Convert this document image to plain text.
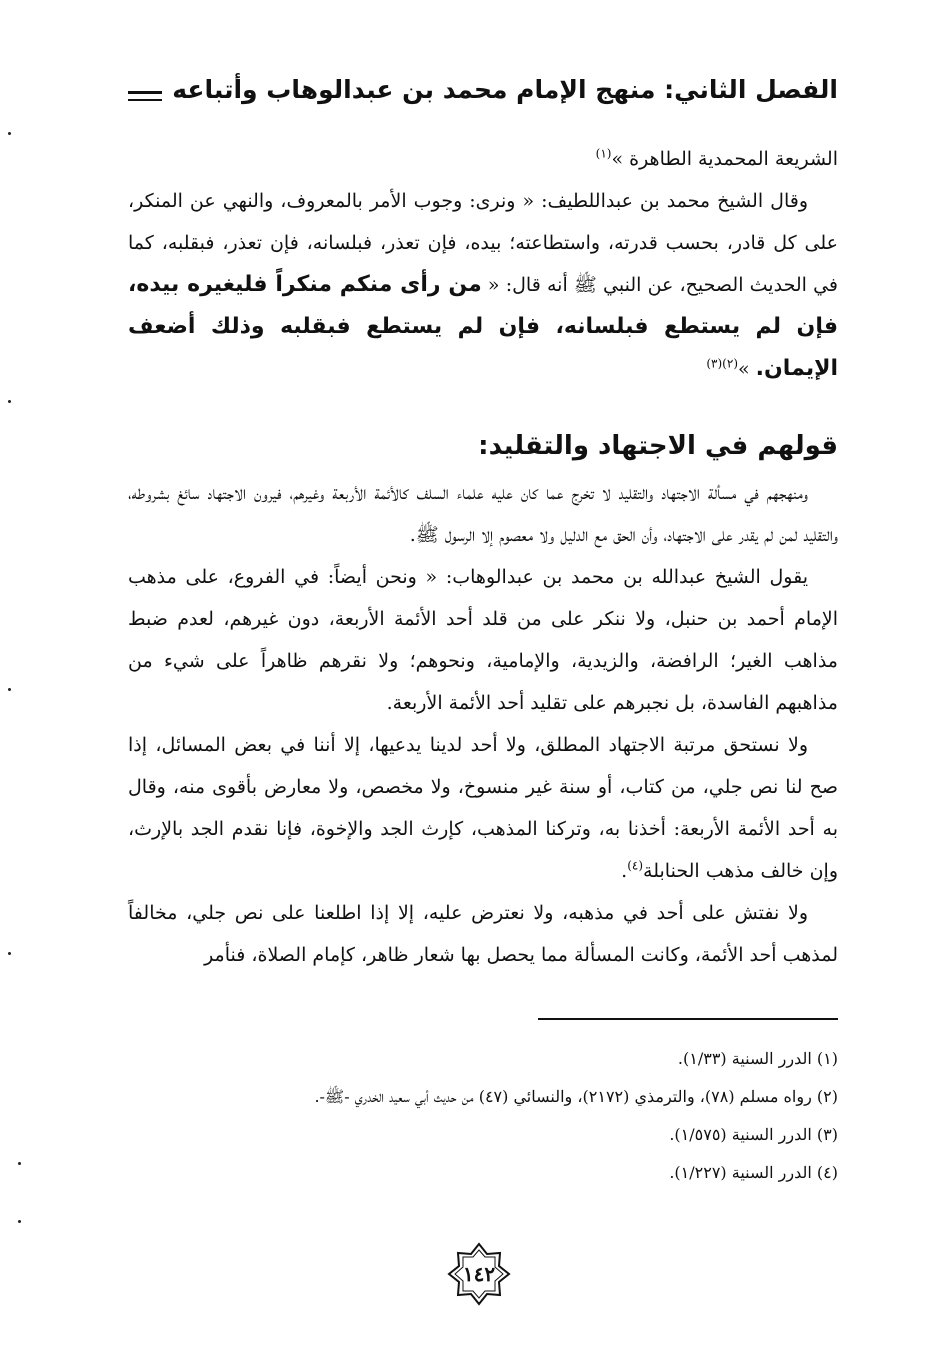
الفصل الثاني: منهج الإمام محمد بن عبدالوهاب وأتباعه

الشريعة المحمدية الطاهرة »$^{(١)}$

وقال الشيخ محمد بن عبداللطيف: « ونرى: وجوب الأمر بالمعروف، والنهي عن المنكر، على كل قادر، بحسب قدرته، واستطاعته؛ بيده، فإن تعذر، فبلسانه، فإن تعذر، فبقلبه، كما في الحديث الصحيح، عن النبي ﷺ أنه قال: « من رأى منكم منكراً فليغيره بيده، فإن لم يستطع فبلسانه، فإن لم يستطع فبقلبه وذلك أضعف الإيمان. »$^{(٢)(٣)}$

قولهم في الاجتهاد والتقليد:

ومنهجهم في مسألة الاجتهاد والتقليد لا تخرج عما كان عليه علماء السلف كالأئمة الأربعة وغيرهم، فيرون الاجتهاد سائغ بشروطه، والتقليد لمن لم يقدر على الاجتهاد، وأن الحق مع الدليل ولا معصوم إلا الرسول ﷺ.

يقول الشيخ عبدالله بن محمد بن عبدالوهاب: « ونحن أيضاً: في الفروع، على مذهب الإمام أحمد بن حنبل، ولا ننكر على من قلد أحد الأئمة الأربعة، دون غيرهم، لعدم ضبط مذاهب الغير؛ الرافضة، والزيدية، والإمامية، ونحوهم؛ ولا نقرهم ظاهراً على شيء من مذاهبهم الفاسدة، بل نجبرهم على تقليد أحد الأئمة الأربعة.

ولا نستحق مرتبة الاجتهاد المطلق، ولا أحد لدينا يدعيها، إلا أننا في بعض المسائل، إذا صح لنا نص جلي، من كتاب، أو سنة غير منسوخ، ولا مخصص، ولا معارض بأقوى منه، وقال به أحد الأئمة الأربعة: أخذنا به، وتركنا المذهب، كإرث الجد والإخوة، فإنا نقدم الجد بالإرث، وإن خالف مذهب الحنابلة$^{(٤)}$.

ولا نفتش على أحد في مذهبه، ولا نعترض عليه، إلا إذا اطلعنا على نص جلي، مخالفاً لمذهب أحد الأئمة، وكانت المسألة مما يحصل بها شعار ظاهر، كإمام الصلاة، فنأمر

(١) الدرر السنية (١/٣٣).
(٢) رواه مسلم (٧٨)، والترمذي (٢١٧٢)، والنسائي (٤٧) من حديث أبي سعيد الخدري -ﷺ-.
(٣) الدرر السنية (١/٥٧٥).
(٤) الدرر السنية (١/٢٢٧).
١٤٢
